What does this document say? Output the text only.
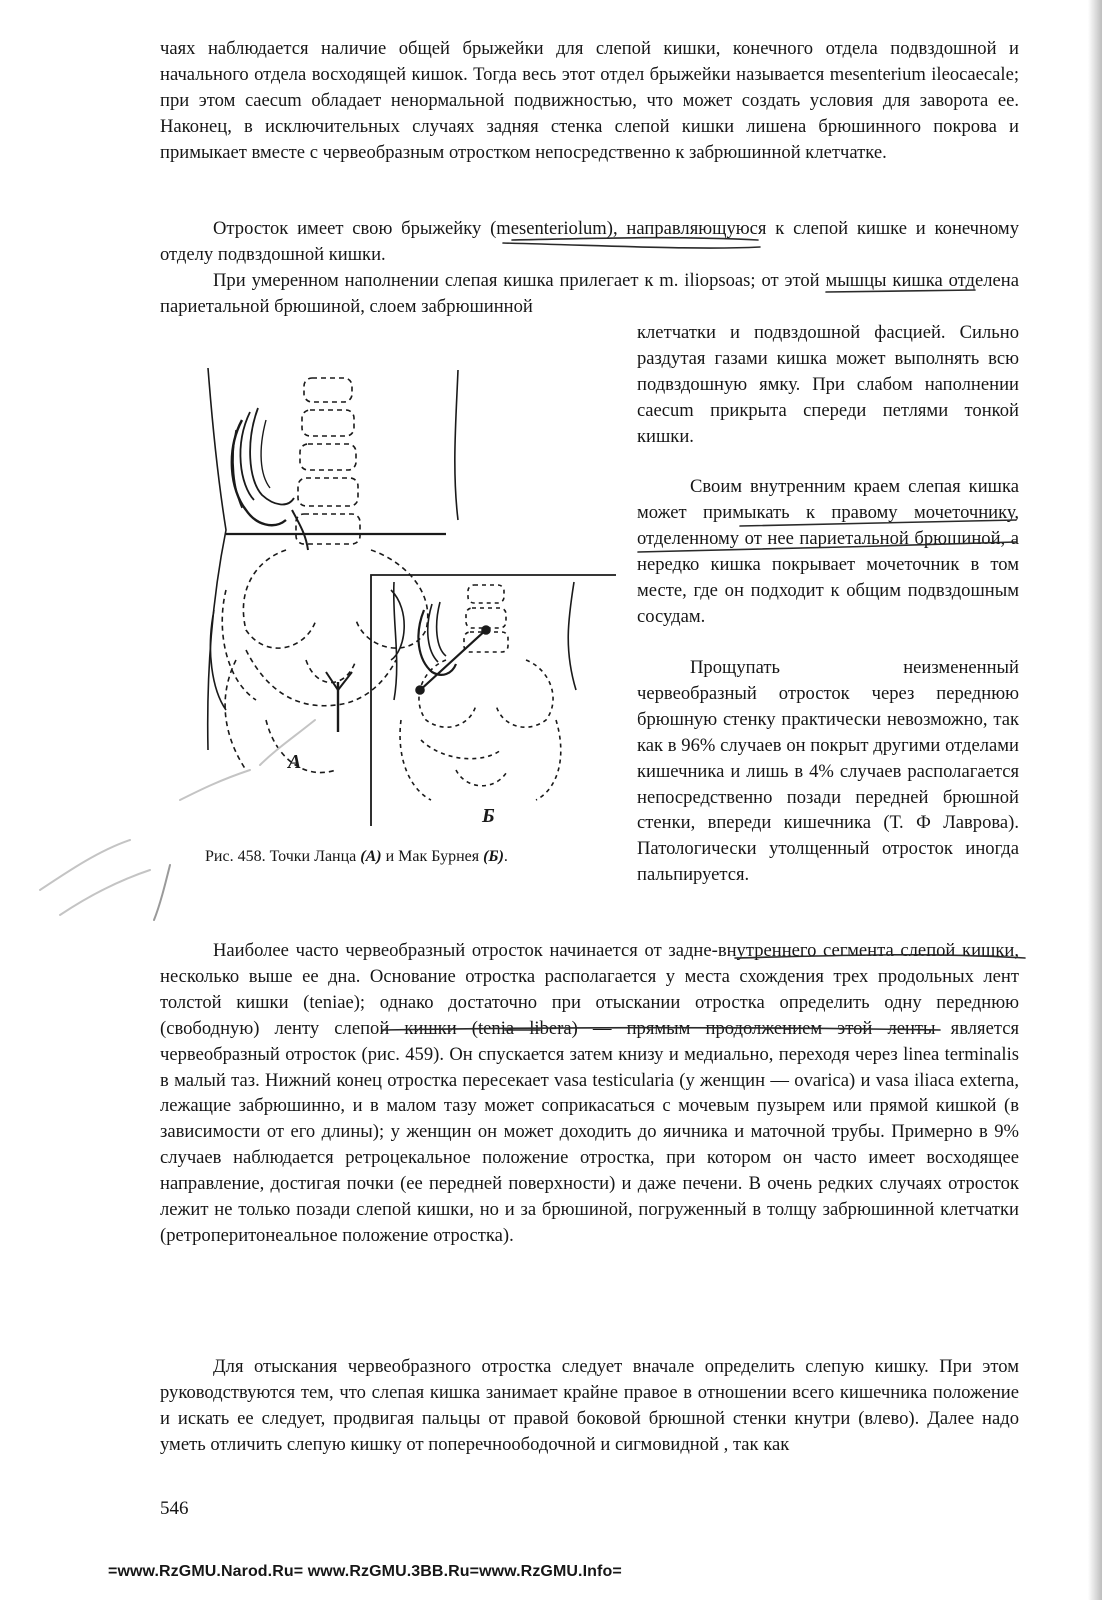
чаях наблюдается наличие общей брыжейки для слепой кишки, конечного отдела подвздошной и начального отдела восходящей кишок. Тогда весь этот отдел брыжейки называется mesenterium ileocaecale; при этом caecum обладает ненормальной подвижностью, что может создать условия для заворота ее. Наконец, в исключительных случаях задняя стенка слепой кишки лишена брюшинного покрова и примыкает вместе с червеобразным отростком непосредственно к забрюшинной клетчатке.

Отросток имеет свою брыжейку (mesenteriolum), направляющуюся к слепой кишке и конечному отделу подвздошной кишки.

При умеренном наполнении слепая кишка прилегает к m. iliopsoas; от этой мышцы кишка отделена париетальной брюшиной, слоем забрюшинной

клетчатки и подвздошной фасцией. Сильно раздутая газами кишка может выполнять всю подвздошную ямку. При слабом наполнении caecum прикрыта спереди петлями тонкой кишки.

Своим внутренним краем слепая кишка может примыкать к правому мочеточнику, отделенному от нее париетальной брюшиной, а нередко кишка покрывает мочеточник в том месте, где он подходит к общим подвздошным сосудам.

Прощупать неизмененный червеобразный отросток через переднюю брюшную стенку практически невозможно, так как в 96% случаев он покрыт другими отделами кишечника и лишь в 4% случаев располагается непосредственно позади передней брюшной стенки, впереди кишечника (Т. Ф Лаврова). Патологически утолщенный отросток иногда пальпируется.

Наиболее часто червеобразный отросток начинается от задне-внутреннего сегмента слепой кишки, несколько выше ее дна. Основание отростка располагается у места схождения трех продольных лент толстой кишки (teniae); однако достаточно при отыскании отростка определить одну переднюю (свободную) ленту слепой кишки (tenia libera) — прямым продолжением этой ленты является червеобразный отросток (рис. 459). Он спускается затем книзу и медиально, переходя через linea terminalis в малый таз. Нижний конец отростка пересекает vasa testicularia (у женщин — ovarica) и vasa iliaca externa, лежащие забрюшинно, и в малом тазу может соприкасаться с мочевым пузырем или прямой кишкой (в зависимости от его длины); у женщин он может доходить до яичника и маточной трубы. Примерно в 9% случаев наблюдается ретроцекальное положение отростка, при котором он часто имеет восходящее направление, достигая почки (ее передней поверхности) и даже печени. В очень редких случаях отросток лежит не только позади слепой кишки, но и за брюшиной, погруженный в толщу забрюшинной клетчатки (ретроперитонеальное положение отростка).

Для отыскания червеобразного отростка следует вначале определить слепую кишку. При этом руководствуются тем, что слепая кишка занимает крайне правое в отношении всего кишечника положение и искать ее следует, продвигая пальцы от правой боковой брюшной стенки кнутри (влево). Далее надо уметь отличить слепую кишку от поперечноободочной и сигмовидной , так как

А
Б

Рис. 458. Точки Ланца (А) и Мак Бурнея (Б).

546
=www.RzGMU.Narod.Ru= www.RzGMU.3BB.Ru=www.RzGMU.Info=
